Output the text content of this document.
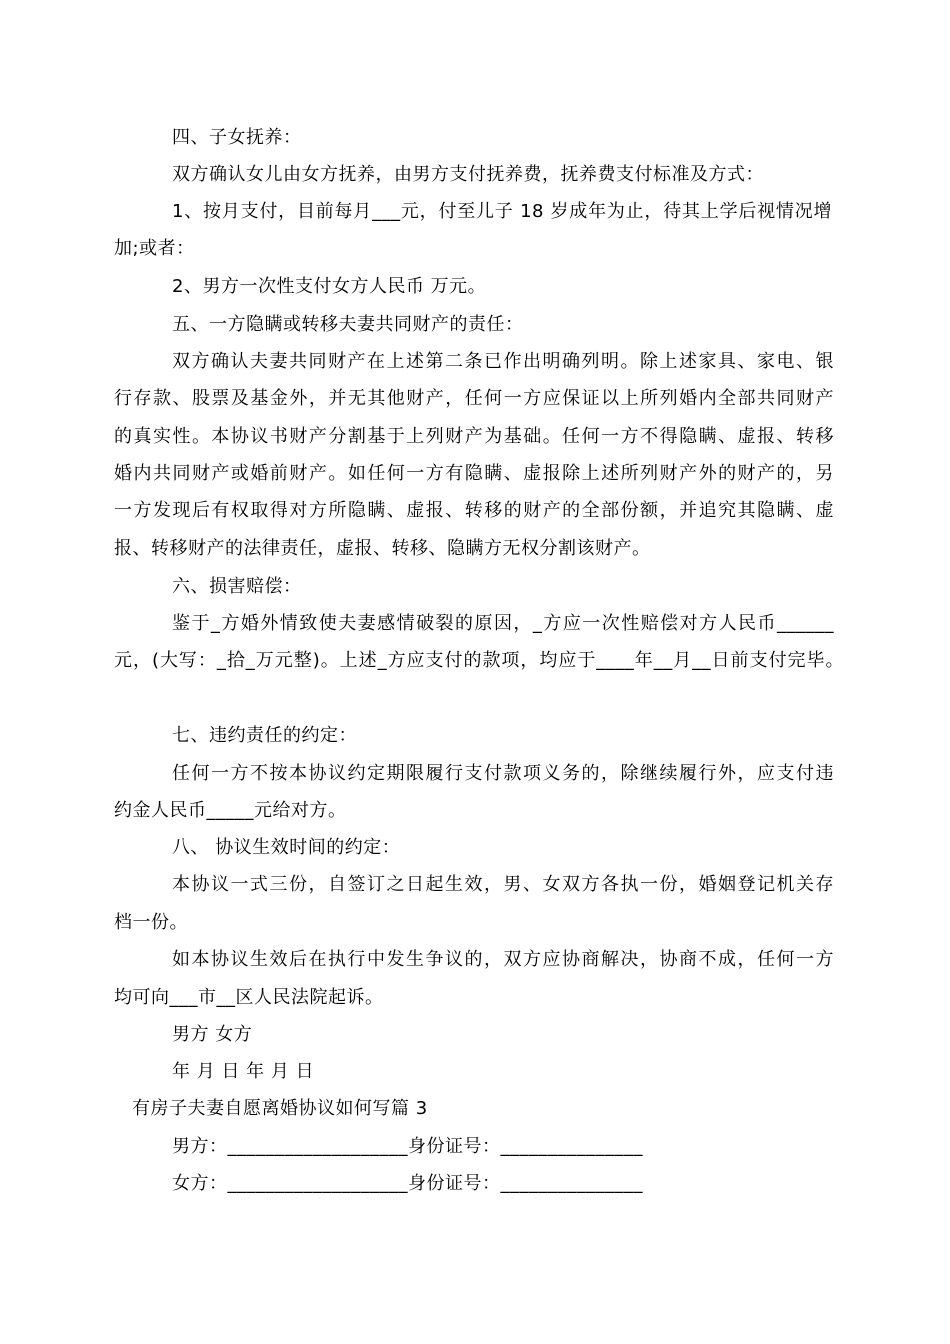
四、子女抚养：
双方确认女儿由女方抚养，由男方支付抚养费，抚养费支付标准及方式：
1、按月支付，目前每月___元，付至儿子 18 岁成年为止，待其上学后视情况增
加;或者：
2、男方一次性支付女方人民币 万元。
五、一方隐瞒或转移夫妻共同财产的责任：
双方确认夫妻共同财产在上述第二条已作出明确列明。除上述家具、家电、银
行存款、股票及基金外，并无其他财产，任何一方应保证以上所列婚内全部共同财产
的真实性。本协议书财产分割基于上列财产为基础。任何一方不得隐瞒、虚报、转移
婚内共同财产或婚前财产。如任何一方有隐瞒、虚报除上述所列财产外的财产的，另
一方发现后有权取得对方所隐瞒、虚报、转移的财产的全部份额，并追究其隐瞒、虚
报、转移财产的法律责任，虚报、转移、隐瞒方无权分割该财产。
六、损害赔偿：
鉴于_方婚外情致使夫妻感情破裂的原因，_方应一次性赔偿对方人民币______
元，(大写：_拾_万元整)。上述_方应支付的款项，均应于____年__月__日前支付完毕。
七、违约责任的约定：
任何一方不按本协议约定期限履行支付款项义务的，除继续履行外，应支付违
约金人民币_____元给对方。
八、 协议生效时间的约定：
本协议一式三份，自签订之日起生效，男、女双方各执一份，婚姻登记机关存
档一份。
如本协议生效后在执行中发生争议的，双方应协商解决，协商不成，任何一方
均可向___市__区人民法院起诉。
男方 女方
年 月 日 年 月 日
有房子夫妻自愿离婚协议如何写篇 3
男方：___________________身份证号：_______________
女方：___________________身份证号：_______________
